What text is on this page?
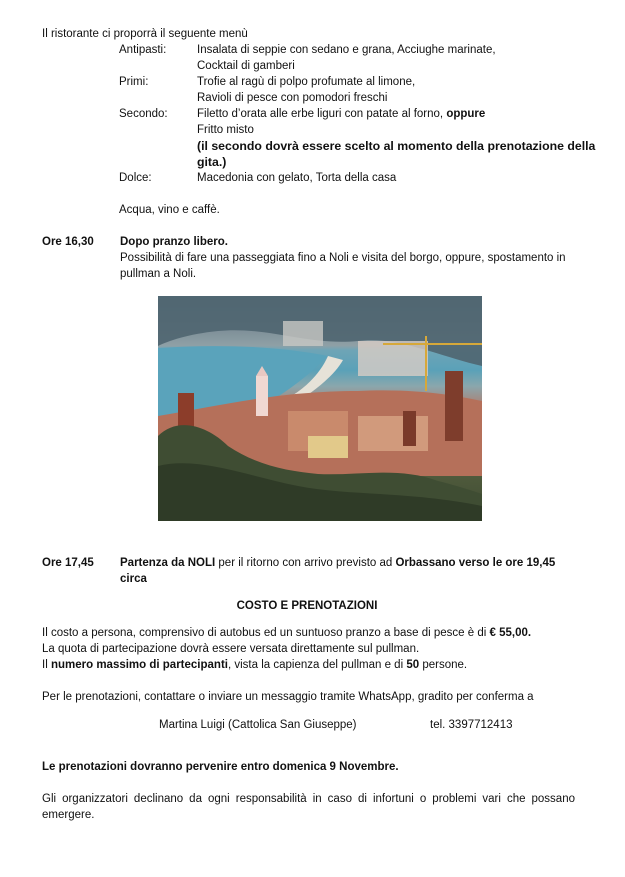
Il ristorante ci proporrà il seguente menù
Antipasti:	Insalata di seppie con sedano e grana, Acciughe marinate,
Cocktail di gamberi
Primi:	Trofie al ragù di polpo profumate al limone,
Ravioli di pesce con pomodori freschi
Secondo:	Filetto d’orata alle erbe liguri con patate al forno, oppure
Fritto misto
(il secondo dovrà essere scelto al momento della prenotazione della
gita.)
Dolce:	Macedonia con gelato, Torta della casa
Acqua, vino e caffè.
Ore 16,30 Dopo pranzo libero.
Possibilità di fare una passeggiata fino a Noli e visita del borgo, oppure, spostamento in pullman a Noli.
Ore 17,45 Partenza da NOLI per il ritorno con arrivo previsto ad Orbassano verso le ore 19,45 circa
COSTO E PRENOTAZIONI
Il costo a persona, comprensivo di autobus ed un suntuoso pranzo a base di pesce è di € 55,00.
La quota di partecipazione dovrà essere versata direttamente sul pullman.
Il numero massimo di partecipanti, vista la capienza del pullman e di 50 persone.
Per le prenotazioni, contattare o inviare un messaggio tramite WhatsApp, gradito per conferma a
Martina Luigi (Cattolica San Giuseppe)	tel. 3397712413
Le prenotazioni dovranno pervenire entro domenica 9 Novembre.
Gli organizzatori declinano da ogni responsabilità in caso di infortuni o problemi vari che possano emergere.
